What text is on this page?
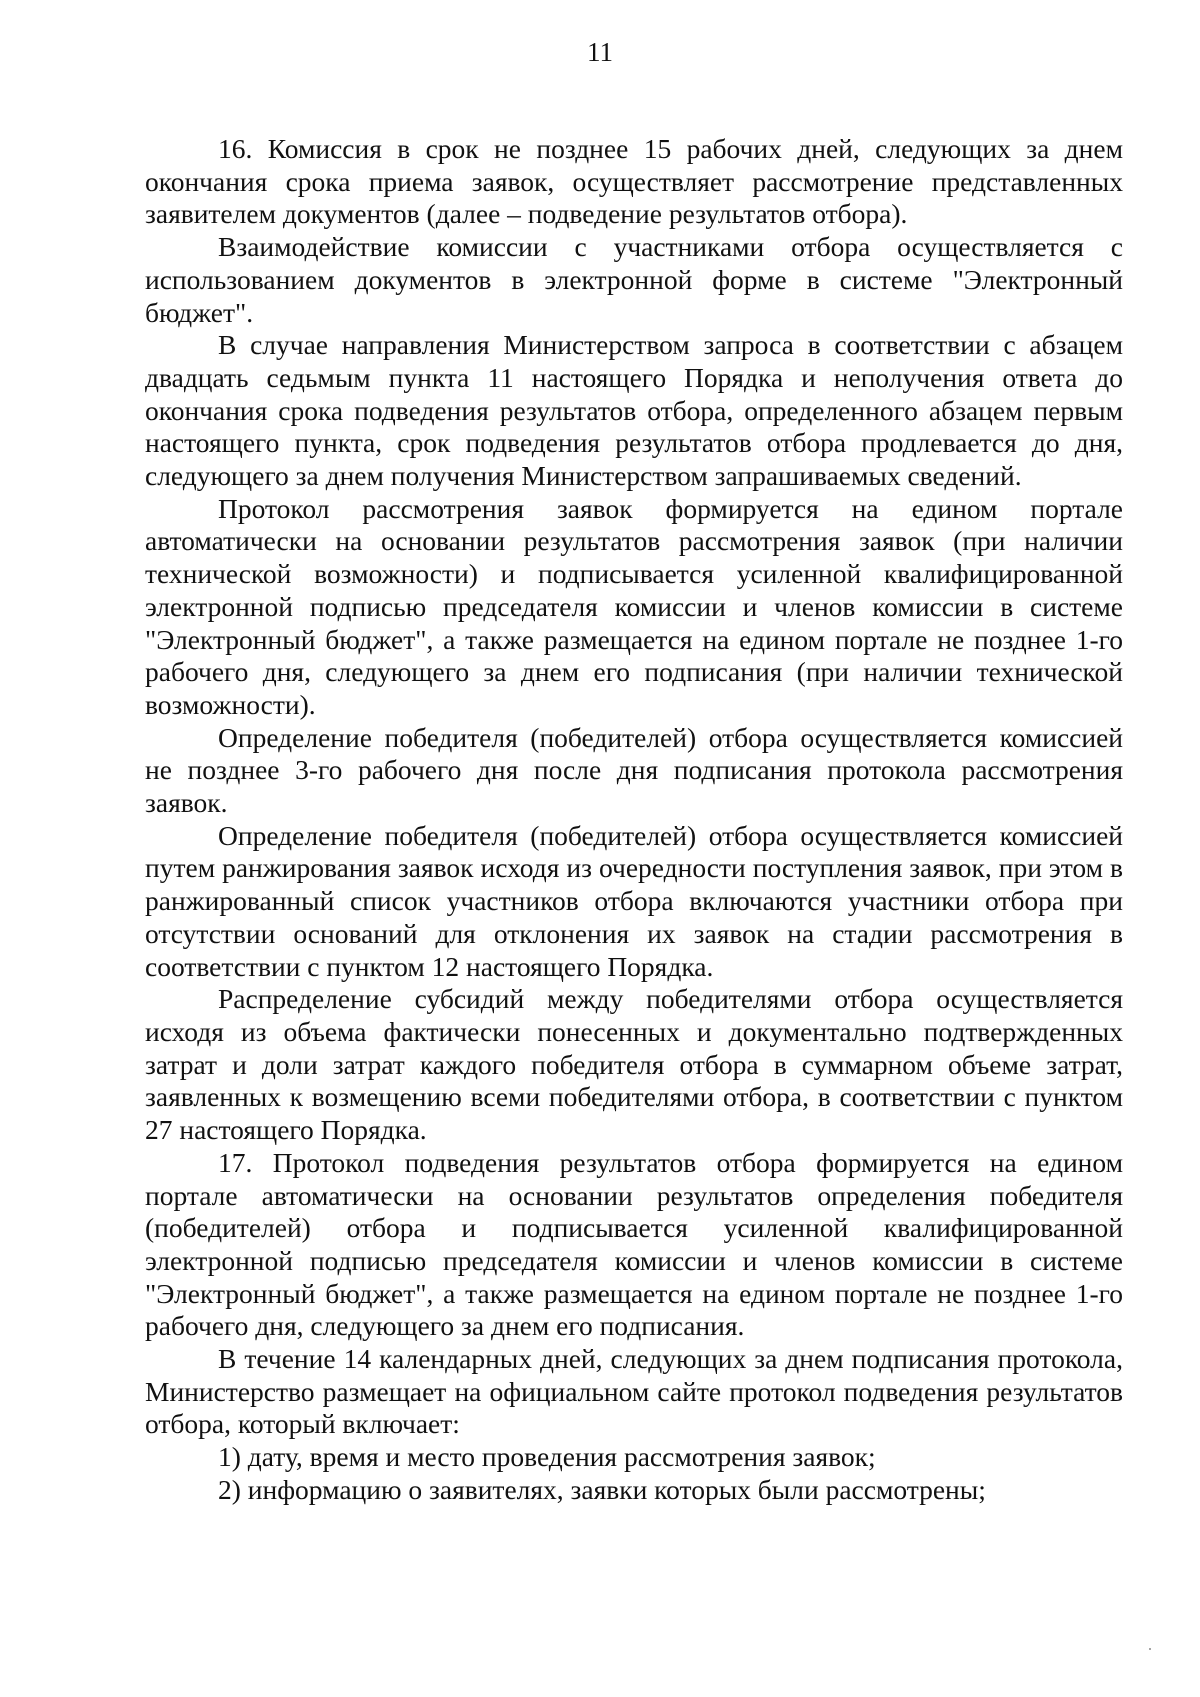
11

16. Комиссия в срок не позднее 15 рабочих дней, следующих за днем окончания срока приема заявок, осуществляет рассмотрение представленных заявителем документов (далее – подведение результатов отбора).

Взаимодействие комиссии с участниками отбора осуществляется с использованием документов в электронной форме в системе "Электронный бюджет".

В случае направления Министерством запроса в соответствии с абзацем двадцать седьмым пункта 11 настоящего Порядка и неполучения ответа до окончания срока подведения результатов отбора, определенного абзацем первым настоящего пункта, срок подведения результатов отбора продлевается до дня, следующего за днем получения Министерством запрашиваемых сведений.

Протокол рассмотрения заявок формируется на едином портале автоматически на основании результатов рассмотрения заявок (при наличии технической возможности) и подписывается усиленной квалифицированной электронной подписью председателя комиссии и членов комиссии в системе "Электронный бюджет", а также размещается на едином портале не позднее 1-го рабочего дня, следующего за днем его подписания (при наличии технической возможности).

Определение победителя (победителей) отбора осуществляется комиссией не позднее 3-го рабочего дня после дня подписания протокола рассмотрения заявок.

Определение победителя (победителей) отбора осуществляется комиссией путем ранжирования заявок исходя из очередности поступления заявок, при этом в ранжированный список участников отбора включаются участники отбора при отсутствии оснований для отклонения их заявок на стадии рассмотрения в соответствии с пунктом 12 настоящего Порядка.

Распределение субсидий между победителями отбора осуществляется исходя из объема фактически понесенных и документально подтвержденных затрат и доли затрат каждого победителя отбора в суммарном объеме затрат, заявленных к возмещению всеми победителями отбора, в соответствии с пунктом 27 настоящего Порядка.

17. Протокол подведения результатов отбора формируется на едином портале автоматически на основании результатов определения победителя (победителей) отбора и подписывается усиленной квалифицированной электронной подписью председателя комиссии и членов комиссии в системе "Электронный бюджет", а также размещается на едином портале не позднее 1-го рабочего дня, следующего за днем его подписания.

В течение 14 календарных дней, следующих за днем подписания протокола, Министерство размещает на официальном сайте протокол подведения результатов отбора, который включает:

1) дату, время и место проведения рассмотрения заявок;

2) информацию о заявителях, заявки которых были рассмотрены;
